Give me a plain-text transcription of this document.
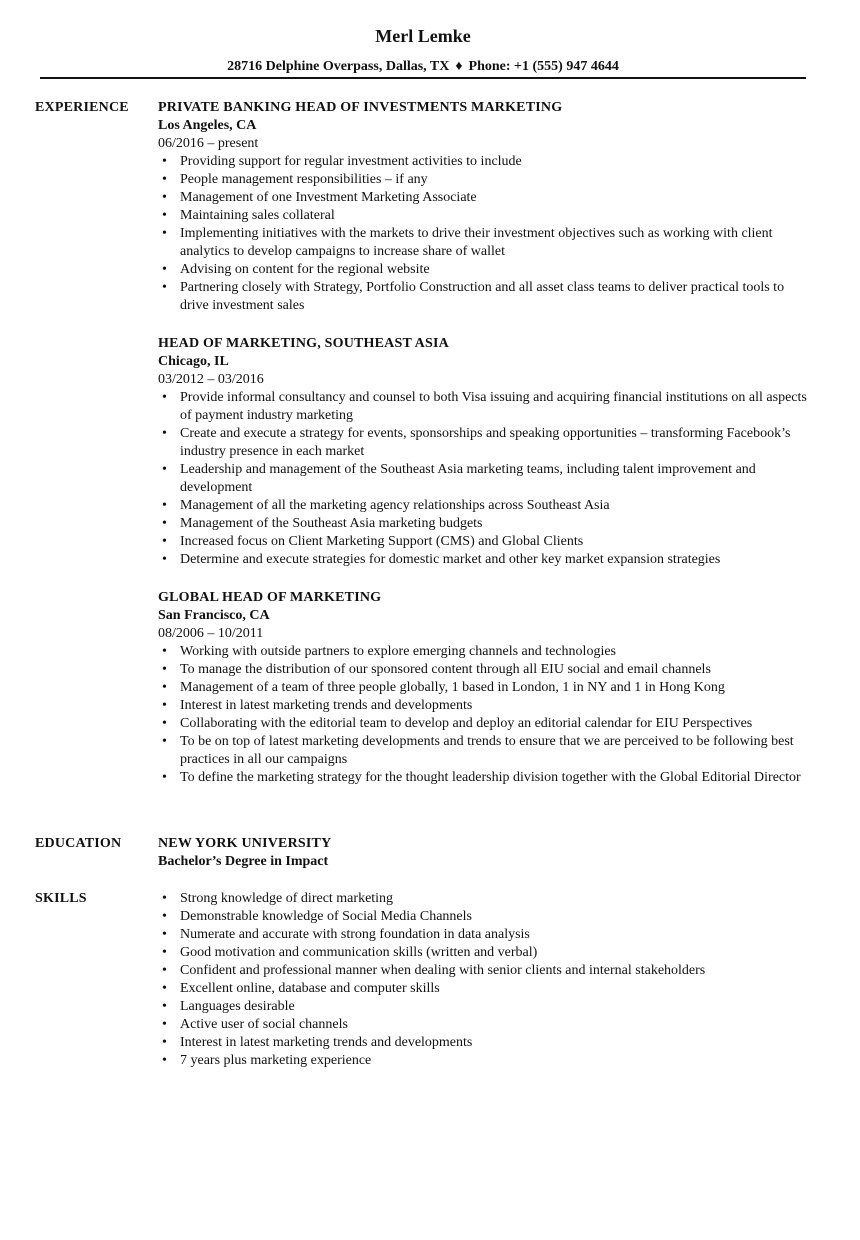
Merl Lemke
28716 Delphine Overpass, Dallas, TX ♦ Phone: +1 (555) 947 4644
EXPERIENCE PRIVATE BANKING HEAD OF INVESTMENTS MARKETING
Los Angeles, CA
06/2016 – present
• Providing support for regular investment activities to include
• People management responsibilities – if any
• Management of one Investment Marketing Associate
• Maintaining sales collateral
• Implementing initiatives with the markets to drive their investment objectives such as working with client analytics to develop campaigns to increase share of wallet
• Advising on content for the regional website
• Partnering closely with Strategy, Portfolio Construction and all asset class teams to deliver practical tools to drive investment sales
HEAD OF MARKETING, SOUTHEAST ASIA
Chicago, IL
03/2012 – 03/2016
• Provide informal consultancy and counsel to both Visa issuing and acquiring financial institutions on all aspects of payment industry marketing
• Create and execute a strategy for events, sponsorships and speaking opportunities – transforming Facebook’s industry presence in each market
• Leadership and management of the Southeast Asia marketing teams, including talent improvement and development
• Management of all the marketing agency relationships across Southeast Asia
• Management of the Southeast Asia marketing budgets
• Increased focus on Client Marketing Support (CMS) and Global Clients
• Determine and execute strategies for domestic market and other key market expansion strategies
GLOBAL HEAD OF MARKETING
San Francisco, CA
08/2006 – 10/2011
• Working with outside partners to explore emerging channels and technologies
• To manage the distribution of our sponsored content through all EIU social and email channels
• Management of a team of three people globally, 1 based in London, 1 in NY and 1 in Hong Kong
• Interest in latest marketing trends and developments
• Collaborating with the editorial team to develop and deploy an editorial calendar for EIU Perspectives
• To be on top of latest marketing developments and trends to ensure that we are perceived to be following best practices in all our campaigns
• To define the marketing strategy for the thought leadership division together with the Global Editorial Director
EDUCATION	NEW YORK UNIVERSITY
Bachelor’s Degree in Impact
SKILLS	• Strong knowledge of direct marketing
• Demonstrable knowledge of Social Media Channels
• Numerate and accurate with strong foundation in data analysis
• Good motivation and communication skills (written and verbal)
• Confident and professional manner when dealing with senior clients and internal stakeholders
• Excellent online, database and computer skills
• Languages desirable
• Active user of social channels
• Interest in latest marketing trends and developments
• 7 years plus marketing experience
